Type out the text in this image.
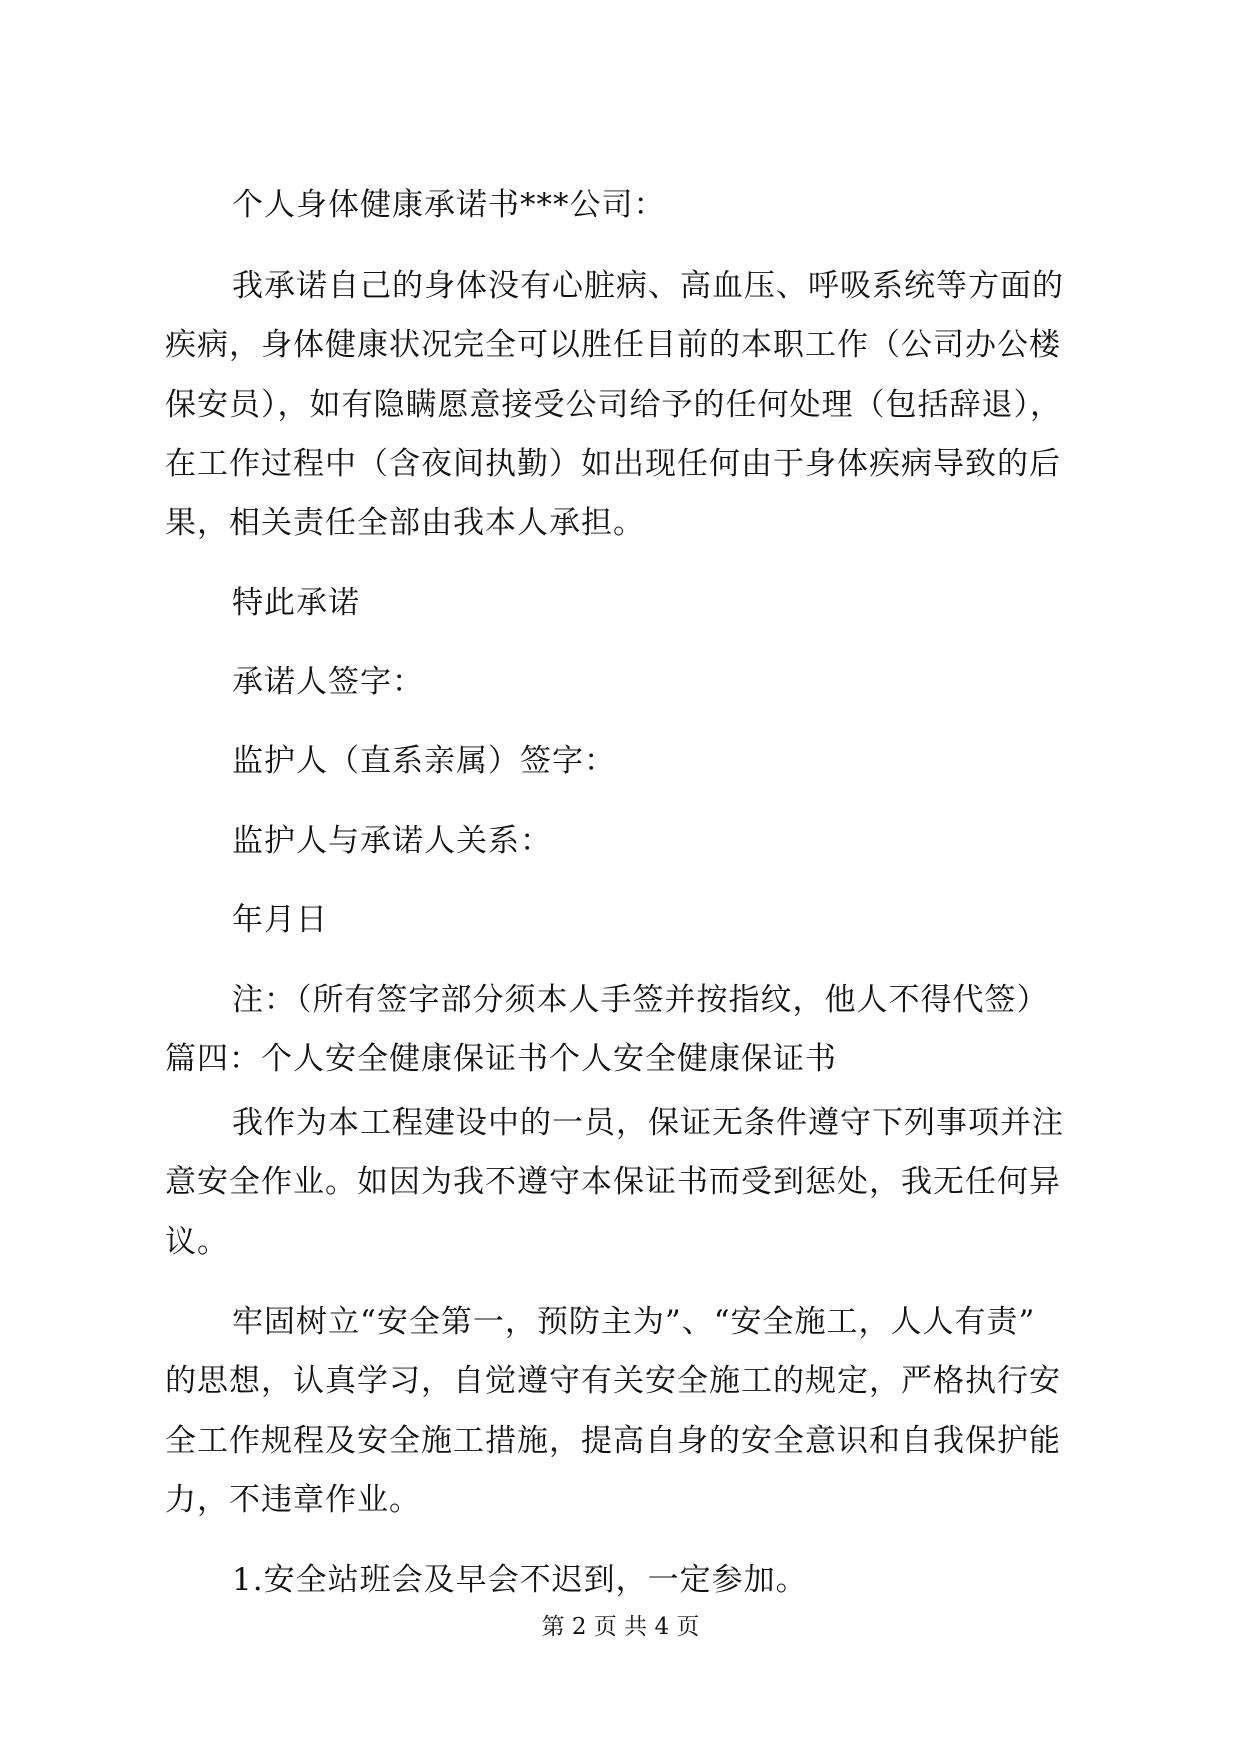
个人身体健康承诺书***公司：
我承诺自己的身体没有心脏病、高血压、呼吸系统等方面的
疾病，身体健康状况完全可以胜任目前的本职工作（公司办公楼
保安员），如有隐瞒愿意接受公司给予的任何处理（包括辞退），
在工作过程中（含夜间执勤）如出现任何由于身体疾病导致的后
果，相关责任全部由我本人承担。
特此承诺
承诺人签字：
监护人（直系亲属）签字：
监护人与承诺人关系：
年月日
注：（所有签字部分须本人手签并按指纹，他人不得代签）
篇四：个人安全健康保证书个人安全健康保证书
我作为本工程建设中的一员，保证无条件遵守下列事项并注
意安全作业。如因为我不遵守本保证书而受到惩处，我无任何异
议。
牢固树立“安全第一，预防主为”、“安全施工，人人有责”
的思想，认真学习，自觉遵守有关安全施工的规定，严格执行安
全工作规程及安全施工措施，提高自身的安全意识和自我保护能
力，不违章作业。
1.安全站班会及早会不迟到，一定参加。
第 2 页 共 4 页
